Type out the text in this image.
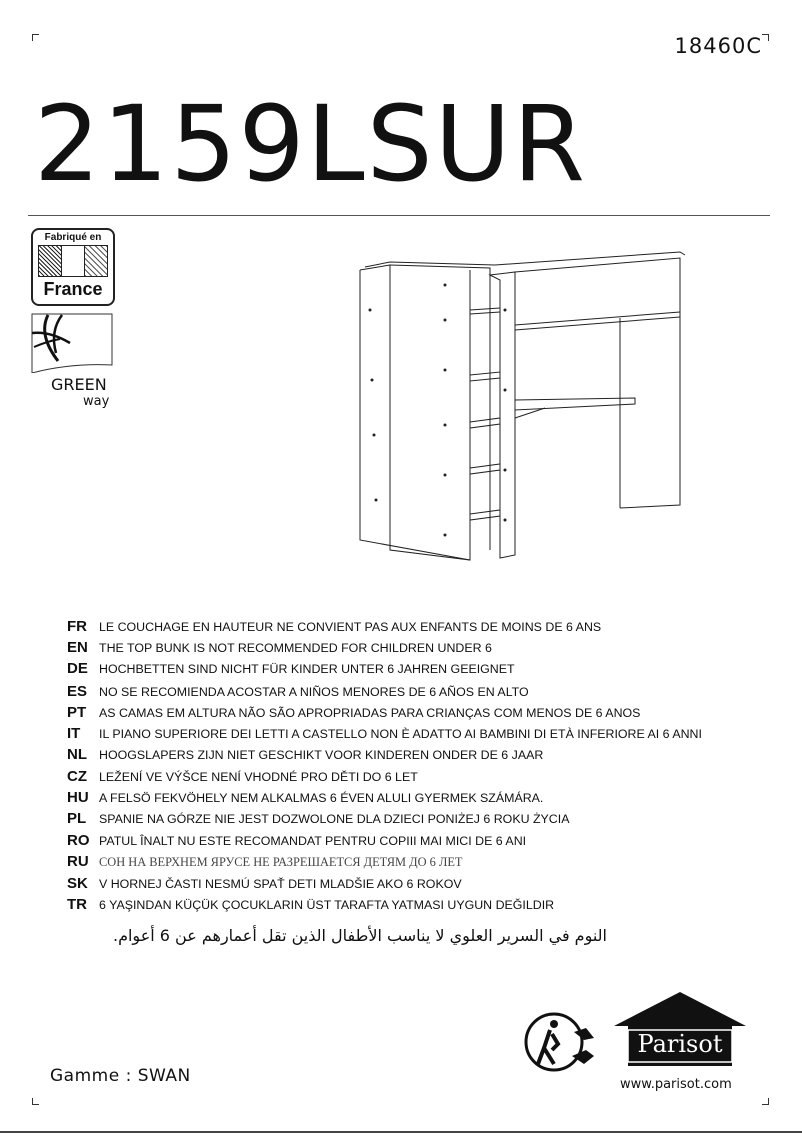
18460C
2159LSUR
Fabriqué en
France
GREEN
way
FR LE COUCHAGE EN HAUTEUR NE CONVIENT PAS AUX ENFANTS DE MOINS DE 6 ANS
EN THE TOP BUNK IS NOT RECOMMENDED FOR CHILDREN UNDER 6
DE HOCHBETTEN SIND NICHT FÜR KINDER UNTER 6 JAHREN GEEIGNET
ES NO SE RECOMIENDA ACOSTAR A NIÑOS MENORES DE 6 AÑOS EN ALTO
PT	AS CAMAS EM ALTURA NÃO SÃO APROPRIADAS PARA CRIANÇAS COM MENOS DE 6 ANOS
IT	IL PIANO SUPERIORE DEI LETTI A CASTELLO NON È ADATTO AI BAMBINI DI ETÀ INFERIORE AI 6 ANNI
NL HOOGSLAPERS ZIJN NIET GESCHIKT VOOR KINDEREN ONDER DE 6 JAAR
CZ LEŽENÍ VE VÝŠCE NENÍ VHODNÉ PRO DĚTI DO 6 LET
HU A FELSÖ FEKVÖHELY NEM ALKALMAS 6 ÉVEN ALULI GYERMEK SZÁMÁRA.
PL	SPANIE NA GÓRZE NIE JEST DOZWOLONE DLA DZIECI PONIŻEJ 6 ROKU ŻYCIA
RO PATUL ÎNALT NU ESTE RECOMANDAT PENTRU COPIII MAI MICI DE 6 ANI
RU СОН НА ВЕРХНЕМ ЯРУСЕ НЕ РАЗРЕШАЕТСЯ ДЕТЯМ ДО 6 ЛЕТ
SK V HORNEJ ČASTI NESMÚ SPAŤ DETI MLADŠIE AKO 6 ROKOV
TR 6 YAŞINDAN KÜÇÜK ÇOCUKLARIN ÜST TARAFTA YATMASI UYGUN DEĞILDIR
النوم في السرير العلوي لا يناسب الأطفال الذين تقل أعمارهم عن 6 أعوام.
Gamme : SWAN
Parisot
www.parisot.com
